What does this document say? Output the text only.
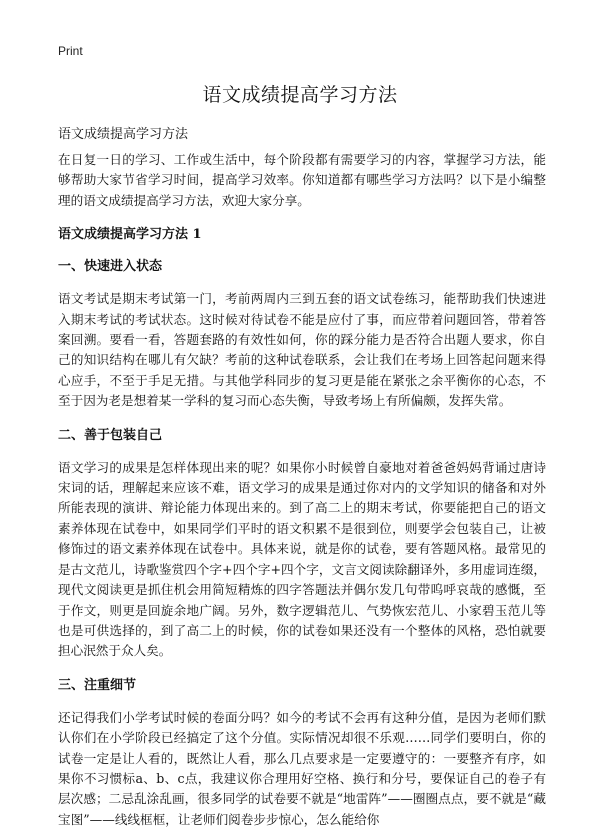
Print
语文成绩提高学习方法

语文成绩提高学习方法

在日复一日的学习、工作或生活中，每个阶段都有需要学习的内容，掌握学习方法，能够帮助大家节省学习时间，提高学习效率。你知道都有哪些学习方法吗？以下是小编整理的语文成绩提高学习方法，欢迎大家分享。

语文成绩提高学习方法 1
一、快速进入状态

语文考试是期末考试第一门，考前两周内三到五套的语文试卷练习，能帮助我们快速进入期末考试的考试状态。这时候对待试卷不能是应付了事，而应带着问题回答，带着答案回溯。要看一看，答题套路的有效性如何，你的踩分能力是否符合出题人要求，你自己的知识结构在哪儿有欠缺？考前的这种试卷联系，会让我们在考场上回答起问题来得心应手，不至于手足无措。与其他学科同步的复习更是能在紧张之余平衡你的心态，不至于因为老是想着某一学科的复习而心态失衡，导致考场上有所偏颇，发挥失常。

二、善于包装自己

语文学习的成果是怎样体现出来的呢？如果你小时候曾自豪地对着爸爸妈妈背诵过唐诗宋词的话，理解起来应该不难，语文学习的成果是通过你对内的文学知识的储备和对外所能表现的演讲、辩论能力体现出来的。到了高二上的期末考试，你要能把自己的语文素养体现在试卷中，如果同学们平时的语文积累不是很到位，则要学会包装自己，让被修饰过的语文素养体现在试卷中。具体来说，就是你的试卷，要有答题风格。最常见的是古文范儿，诗歌鉴赏四个字+四个字+四个字，文言文阅读除翻译外，多用虚词连缀，现代文阅读更是抓住机会用简短精炼的四字答题法并偶尔发几句带呜呼哀哉的感慨，至于作文，则更是回旋余地广阔。另外，数字逻辑范儿、气势恢宏范儿、小家碧玉范儿等也是可供选择的，到了高二上的时候，你的试卷如果还没有一个整体的风格，恐怕就要担心泯然于众人矣。

三、注重细节

还记得我们小学考试时候的卷面分吗？如今的考试不会再有这种分值，是因为老师们默认你们在小学阶段已经搞定了这个分值。实际情况却很不乐观……同学们要明白，你的试卷一定是让人看的，既然让人看，那么几点要求是一定要遵守的：一要整齐有序，如果你不习惯标a、b、c点，我建议你合理用好空格、换行和分号，要保证自己的卷子有层次感；二忌乱涂乱画，很多同学的试卷要不就是“地雷阵”——圈圈点点，要不就是“藏宝图”——线线框框，让老师们阅卷步步惊心，怎么能给你
